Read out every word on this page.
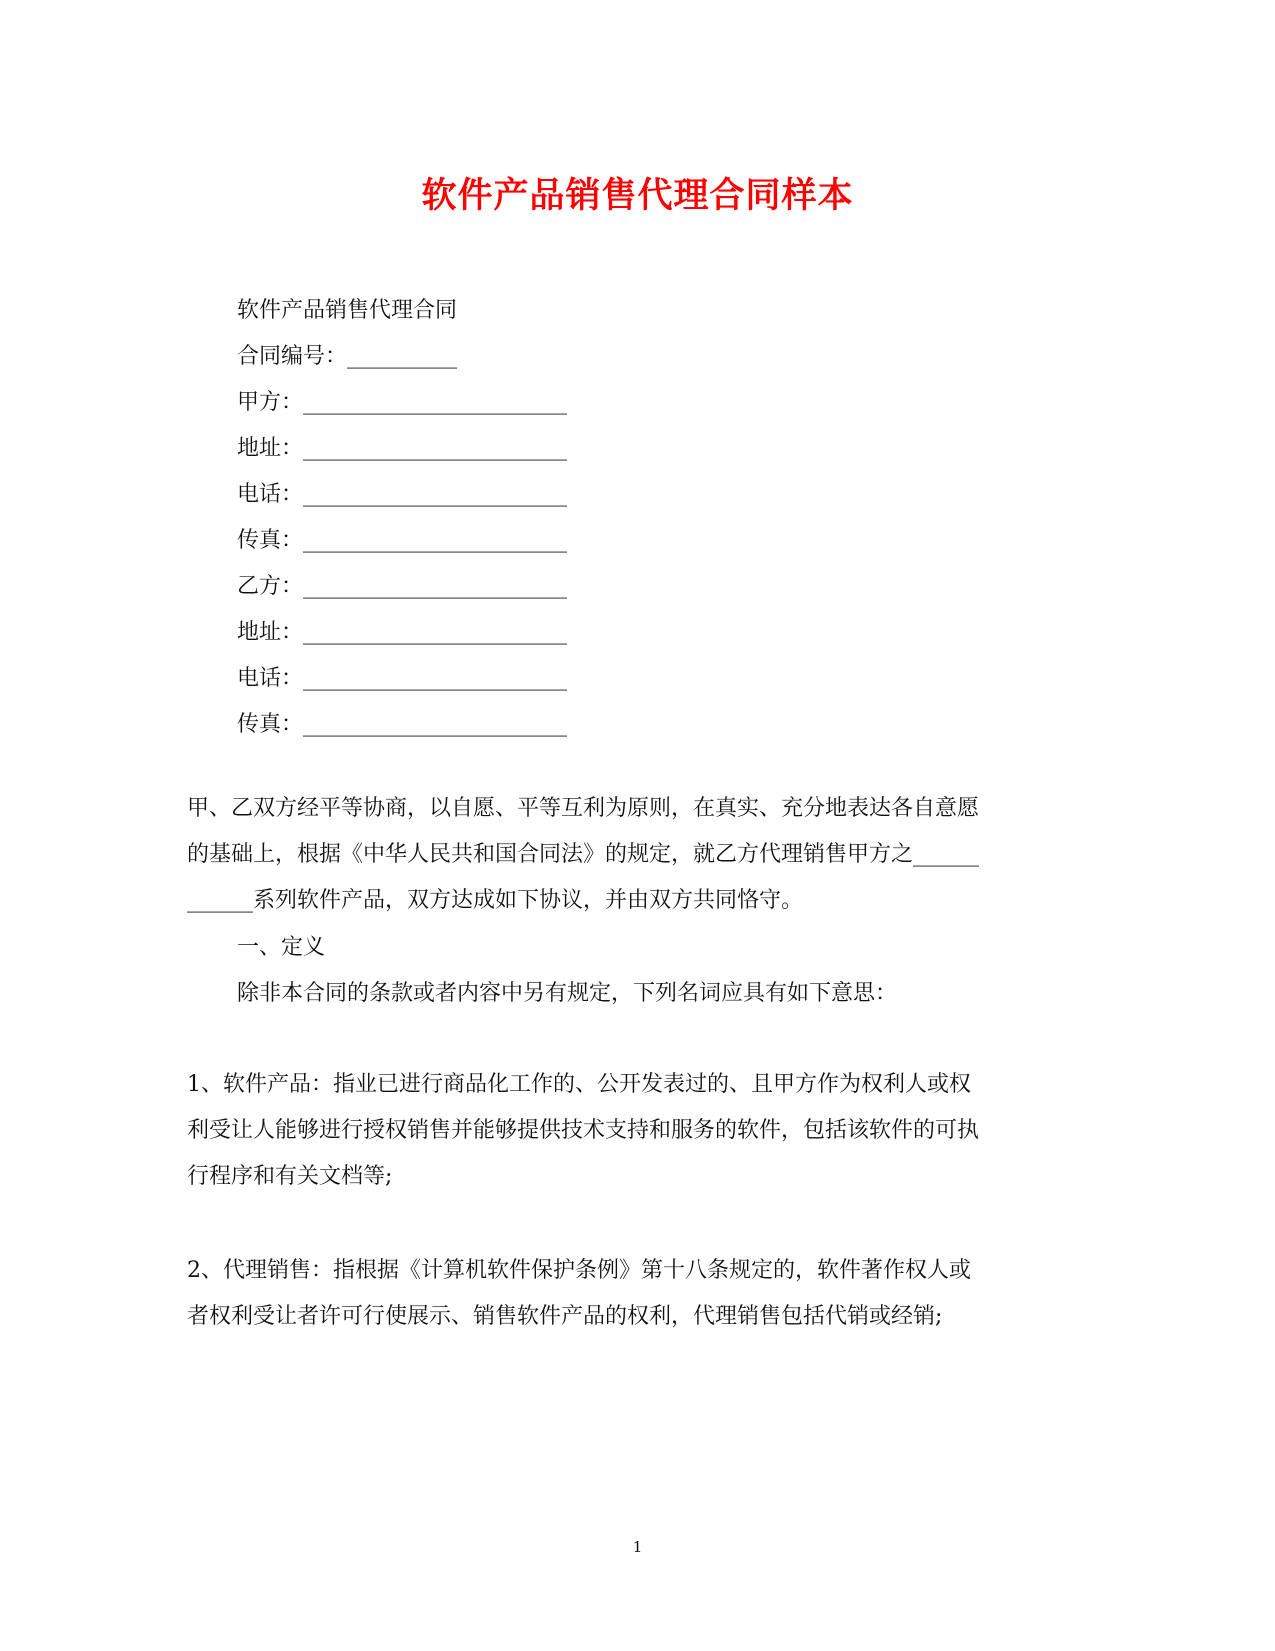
软件产品销售代理合同样本
软件产品销售代理合同
合同编号：__________
甲方：________________________
地址：________________________
电话：________________________
传真：________________________
乙方：________________________
地址：________________________
电话：________________________
传真：________________________
甲、乙双方经平等协商，以自愿、平等互利为原则，在真实、充分地表达各自意愿
的基础上，根据《中华人民共和国合同法》的规定，就乙方代理销售甲方之______
______系列软件产品，双方达成如下协议，并由双方共同恪守。
一、定义
除非本合同的条款或者内容中另有规定，下列名词应具有如下意思：
1、软件产品：指业已进行商品化工作的、公开发表过的、且甲方作为权利人或权
利受让人能够进行授权销售并能够提供技术支持和服务的软件，包括该软件的可执
行程序和有关文档等;
2、代理销售：指根据《计算机软件保护条例》第十八条规定的，软件著作权人或
者权利受让者许可行使展示、销售软件产品的权利，代理销售包括代销或经销;
1
